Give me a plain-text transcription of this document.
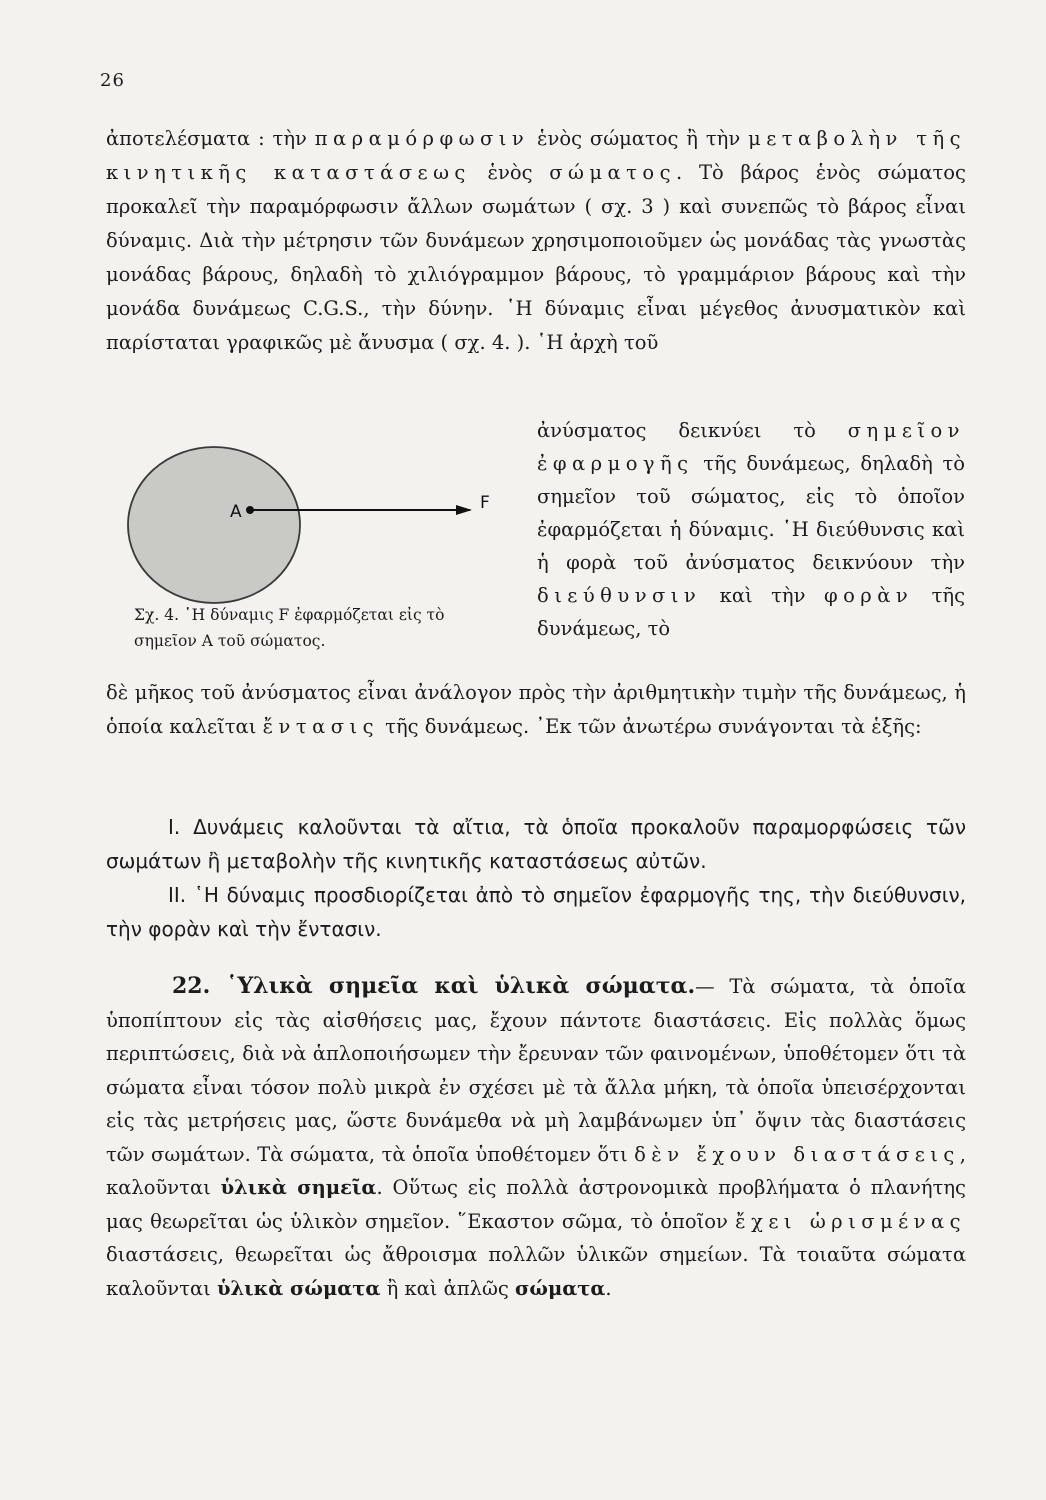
26

ἀποτελέσματα : τὴν παραμόρφωσιν ἑνὸς σώματος ἢ τὴν μεταβολὴν τῆς κινητικῆς καταστάσεως ἑνὸς σώματος. Τὸ βάρος ἑνὸς σώματος προκαλεῖ τὴν παραμόρφωσιν ἄλλων σωμάτων ( σχ. 3 ) καὶ συνεπῶς τὸ βάρος εἶναι δύναμις. Διὰ τὴν μέτρησιν τῶν δυνάμεων χρησιμοποιοῦμεν ὡς μονάδας τὰς γνωστὰς μονάδας βάρους, δηλαδὴ τὸ χιλιόγραμμον βάρους, τὸ γραμμάριον βάρους καὶ τὴν μονάδα δυνάμεως C.G.S., τὴν δύνην. ῾Η δύναμις εἶναι μέγεθος ἀνυσματικὸν καὶ παρίσταται γραφικῶς μὲ ἄνυσμα ( σχ. 4. ). ῾Η ἀρχὴ τοῦ

A	F
Σχ. 4. ῾Η δύναμις F ἐφαρμόζεται εἰς τὸ σημεῖον A τοῦ σώματος.

ἀνύσματος δεικνύει τὸ σημεῖον ἐφαρμογῆς τῆς δυνάμεως, δηλαδὴ τὸ σημεῖον τοῦ σώματος, εἰς τὸ ὁποῖον ἐφαρμόζεται ἡ δύναμις. ῾Η διεύθυνσις καὶ ἡ φορὰ τοῦ ἀνύσματος δεικνύουν τὴν διεύθυνσιν καὶ τὴν φορὰν τῆς δυνάμεως, τὸ

δὲ μῆκος τοῦ ἀνύσματος εἶναι ἀνάλογον πρὸς τὴν ἀριθμητικὴν τιμὴν τῆς δυνάμεως, ἡ ὁποία καλεῖται ἔντασις τῆς δυνάμεως. ᾽Εκ τῶν ἀνωτέρω συνάγονται τὰ ἑξῆς:

I. Δυνάμεις καλοῦνται τὰ αἴτια, τὰ ὁποῖα προκαλοῦν παραμορφώσεις τῶν σωμάτων ἢ μεταβολὴν τῆς κινητικῆς καταστάσεως αὐτῶν.

II. ῾Η δύναμις προσδιορίζεται ἀπὸ τὸ σημεῖον ἐφαρμογῆς της, τὴν διεύθυνσιν, τὴν φορὰν καὶ τὴν ἔντασιν.

22. ῾Υλικὰ σημεῖα καὶ ὑλικὰ σώματα.— Τὰ σώματα, τὰ ὁποῖα ὑποπίπτουν εἰς τὰς αἰσθήσεις μας, ἔχουν πάντοτε διαστάσεις. Εἰς πολλὰς ὅμως περιπτώσεις, διὰ νὰ ἁπλοποιήσωμεν τὴν ἔρευναν τῶν φαινομένων, ὑποθέτομεν ὅτι τὰ σώματα εἶναι τόσον πολὺ μικρὰ ἐν σχέσει μὲ τὰ ἄλλα μήκη, τὰ ὁποῖα ὑπεισέρχονται εἰς τὰς μετρήσεις μας, ὥστε δυνάμεθα νὰ μὴ λαμβάνωμεν ὑπ᾽ ὄψιν τὰς διαστάσεις τῶν σωμάτων. Τὰ σώματα, τὰ ὁποῖα ὑποθέτομεν ὅτι δὲν ἔχουν διαστάσεις, καλοῦνται ὑλικὰ σημεῖα. Οὕτως εἰς πολλὰ ἀστρονομικὰ προβλήματα ὁ πλανήτης μας θεωρεῖται ὡς ὑλικὸν σημεῖον. ῞Εκαστον σῶμα, τὸ ὁποῖον ἔχει ὡρισμένας διαστάσεις, θεωρεῖται ὡς ἄθροισμα πολλῶν ὑλικῶν σημείων. Τὰ τοιαῦτα σώματα καλοῦνται ὑλικὰ σώματα ἢ καὶ ἁπλῶς σώματα.
